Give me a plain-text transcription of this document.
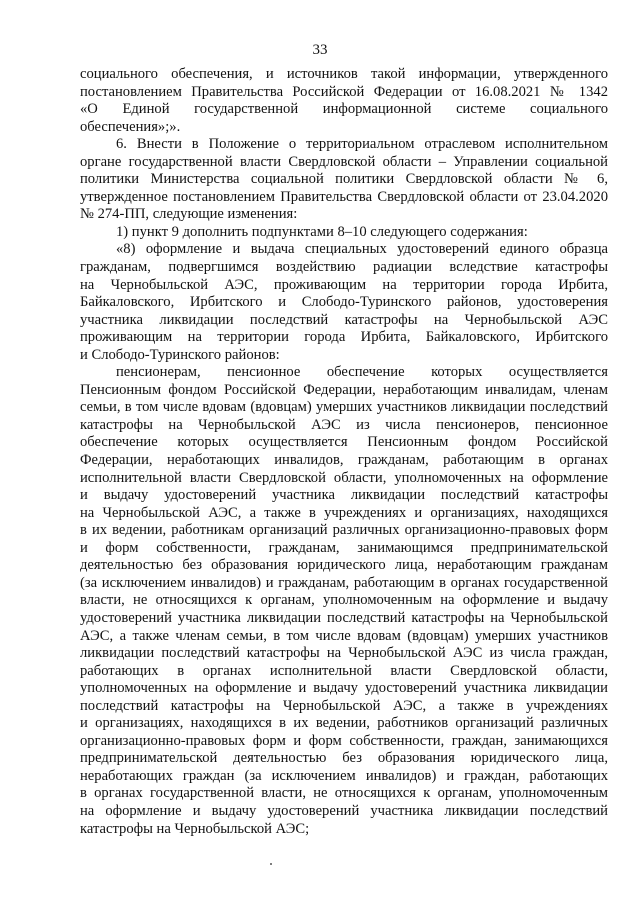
33
социального обеспечения, и источников такой информации, утвержденного
постановлением Правительства Российской Федерации от 16.08.2021 № 1342
«О Единой государственной информационной системе социального
обеспечения»;».
6. Внести в Положение о территориальном отраслевом исполнительном
органе государственной власти Свердловской области – Управлении социальной
политики Министерства социальной политики Свердловской области № 6,
утвержденное постановлением Правительства Свердловской области от 23.04.2020
№ 274-ПП, следующие изменения:
1) пункт 9 дополнить подпунктами 8–10 следующего содержания:
«8) оформление и выдача специальных удостоверений единого образца
гражданам, подвергшимся воздействию радиации вследствие катастрофы
на Чернобыльской АЭС, проживающим на территории города Ирбита,
Байкаловского, Ирбитского и Слободо-Туринского районов, удостоверения
участника ликвидации последствий катастрофы на Чернобыльской АЭС
проживающим на территории города Ирбита, Байкаловского, Ирбитского
и Слободо-Туринского районов:
пенсионерам, пенсионное обеспечение которых осуществляется
Пенсионным фондом Российской Федерации, неработающим инвалидам, членам
семьи, в том числе вдовам (вдовцам) умерших участников ликвидации последствий
катастрофы на Чернобыльской АЭС из числа пенсионеров, пенсионное
обеспечение которых осуществляется Пенсионным фондом Российской
Федерации, неработающих инвалидов, гражданам, работающим в органах
исполнительной власти Свердловской области, уполномоченных на оформление
и выдачу удостоверений участника ликвидации последствий катастрофы
на Чернобыльской АЭС, а также в учреждениях и организациях, находящихся
в их ведении, работникам организаций различных организационно-правовых форм
и форм собственности, гражданам, занимающимся предпринимательской
деятельностью без образования юридического лица, неработающим гражданам
(за исключением инвалидов) и гражданам, работающим в органах государственной
власти, не относящихся к органам, уполномоченным на оформление и выдачу
удостоверений участника ликвидации последствий катастрофы на Чернобыльской
АЭС, а также членам семьи, в том числе вдовам (вдовцам) умерших участников
ликвидации последствий катастрофы на Чернобыльской АЭС из числа граждан,
работающих в органах исполнительной власти Свердловской области,
уполномоченных на оформление и выдачу удостоверений участника ликвидации
последствий катастрофы на Чернобыльской АЭС, а также в учреждениях
и организациях, находящихся в их ведении, работников организаций различных
организационно-правовых форм и форм собственности, граждан, занимающихся
предпринимательской деятельностью без образования юридического лица,
неработающих граждан (за исключением инвалидов) и граждан, работающих
в органах государственной власти, не относящихся к органам, уполномоченным
на оформление и выдачу удостоверений участника ликвидации последствий
катастрофы на Чернобыльской АЭС;
